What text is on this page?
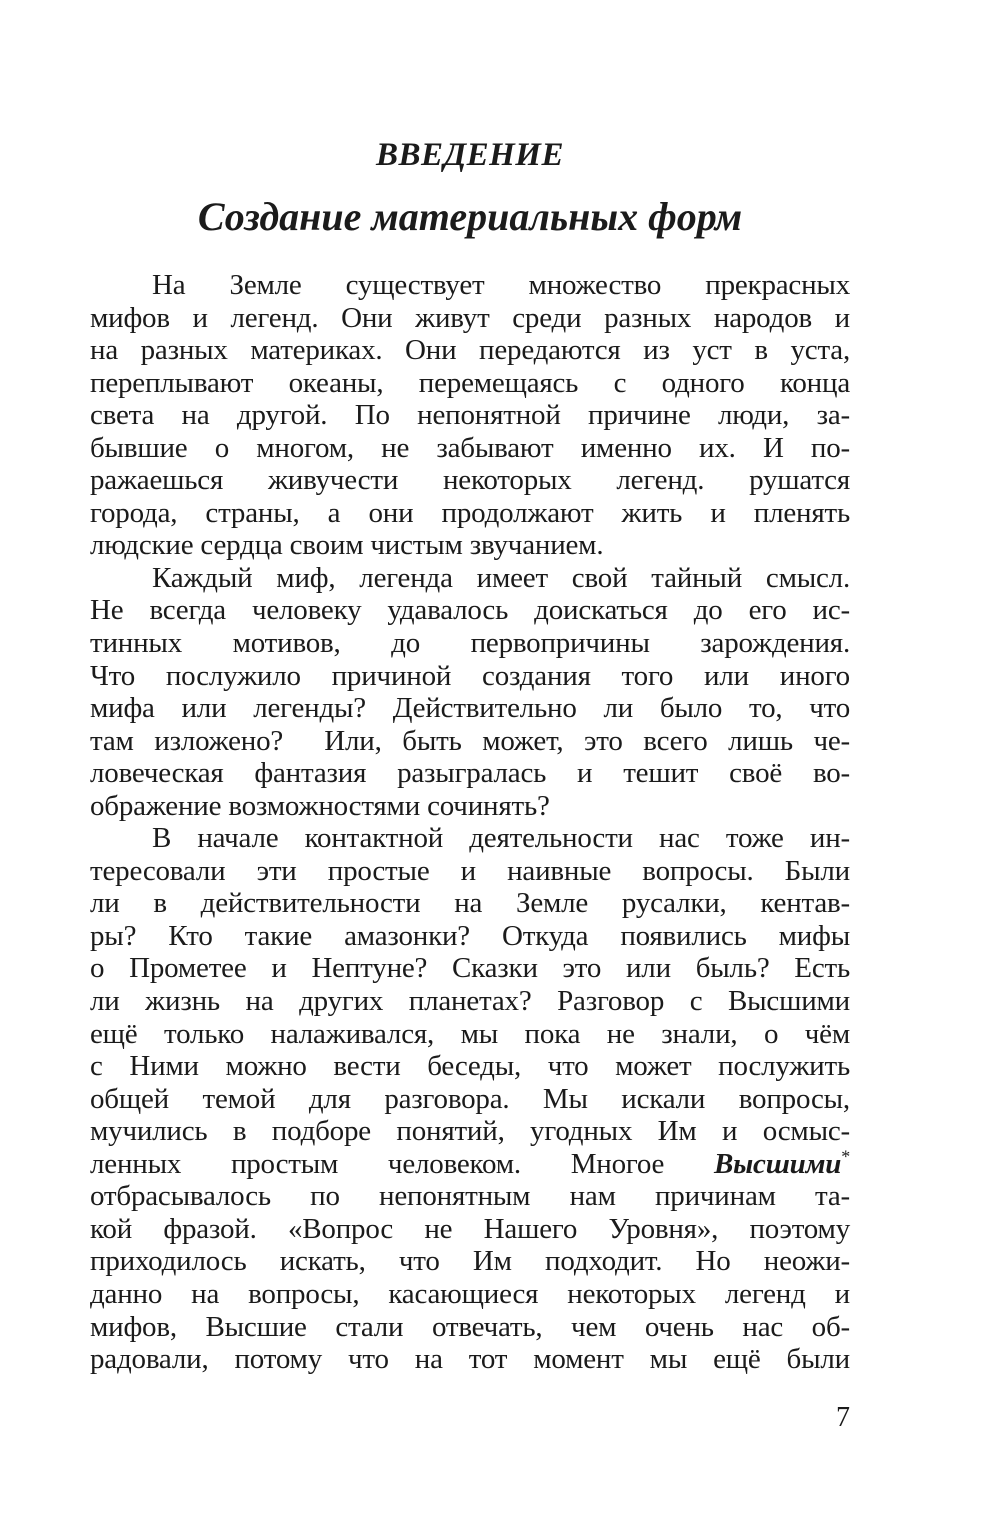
ВВЕДЕНИЕ
Создание материальных форм
На Земле существует множество прекрасных
мифов и легенд. Они живут среди разных народов и
на разных материках. Они передаются из уст в уста,
переплывают океаны, перемещаясь с одного конца
света на другой. По непонятной причине люди, за-
бывшие о многом, не забывают именно их. И по-
ражаешься живучести некоторых легенд. рушатся
города, страны, а они продолжают жить и пленять
людские сердца своим чистым звучанием.
Каждый миф, легенда имеет свой тайный смысл.
Не всегда человеку удавалось доискаться до его ис-
тинных мотивов, до первопричины зарождения.
Что послужило причиной создания того или иного
мифа или легенды? Действительно ли было то, что
там изложено?  Или, быть может, это всего лишь че-
ловеческая фантазия разыгралась и тешит своё во-
ображение возможностями сочинять?
В начале контактной деятельности нас тоже ин-
тересовали эти простые и наивные вопросы. Были
ли в действительности на Земле русалки, кентав-
ры? Кто такие амазонки? Откуда появились мифы
о Прометее и Нептуне? Сказки это или быль? Есть
ли жизнь на других планетах? Разговор с Высшими
ещё только налаживался, мы пока не знали, о чём
с Ними можно вести беседы, что может послужить
общей темой для разговора. Мы искали вопросы,
мучились в подборе понятий, угодных Им и осмыс-
ленных простым человеком. Многое Высшими*
отбрасывалось по непонятным нам причинам та-
кой фразой. «Вопрос не Нашего Уровня», поэтому
приходилось искать, что Им подходит. Но неожи-
данно на вопросы, касающиеся некоторых легенд и
мифов, Высшие стали отвечать, чем очень нас об-
радовали, потому что на тот момент мы ещё были
7
